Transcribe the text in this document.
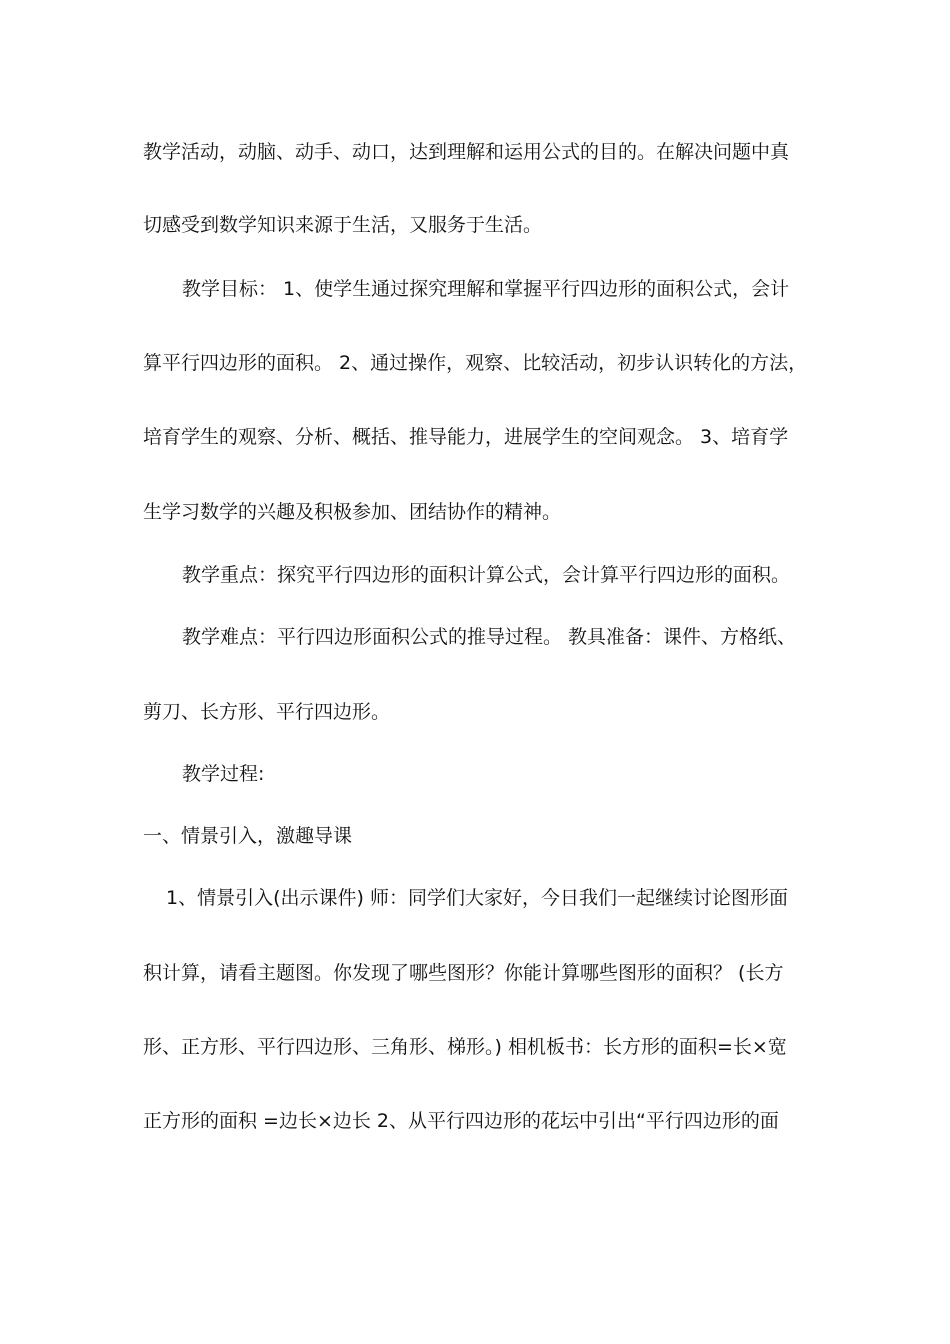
教学活动，动脑、动手、动口，达到理解和运用公式的目的。在解决问题中真
切感受到数学知识来源于生活，又服务于生活。
教学目标： 1、使学生通过探究理解和掌握平行四边形的面积公式，会计
算平行四边形的面积。 2、通过操作，观察、比较活动，初步认识转化的方法，
培育学生的观察、分析、概括、推导能力，进展学生的空间观念。 3、培育学
生学习数学的兴趣及积极参加、团结协作的精神。
教学重点：探究平行四边形的面积计算公式，会计算平行四边形的面积。
教学难点：平行四边形面积公式的推导过程。 教具准备：课件、方格纸、
剪刀、长方形、平行四边形。
教学过程:
一、情景引入，激趣导课
1、情景引入(出示课件) 师：同学们大家好，今日我们一起继续讨论图形面
积计算，请看主题图。你发现了哪些图形？你能计算哪些图形的面积？ (长方
形、正方形、平行四边形、三角形、梯形。) 相机板书：长方形的面积=长×宽
正方形的面积 =边长×边长 2、从平行四边形的花坛中引出“平行四边形的面
